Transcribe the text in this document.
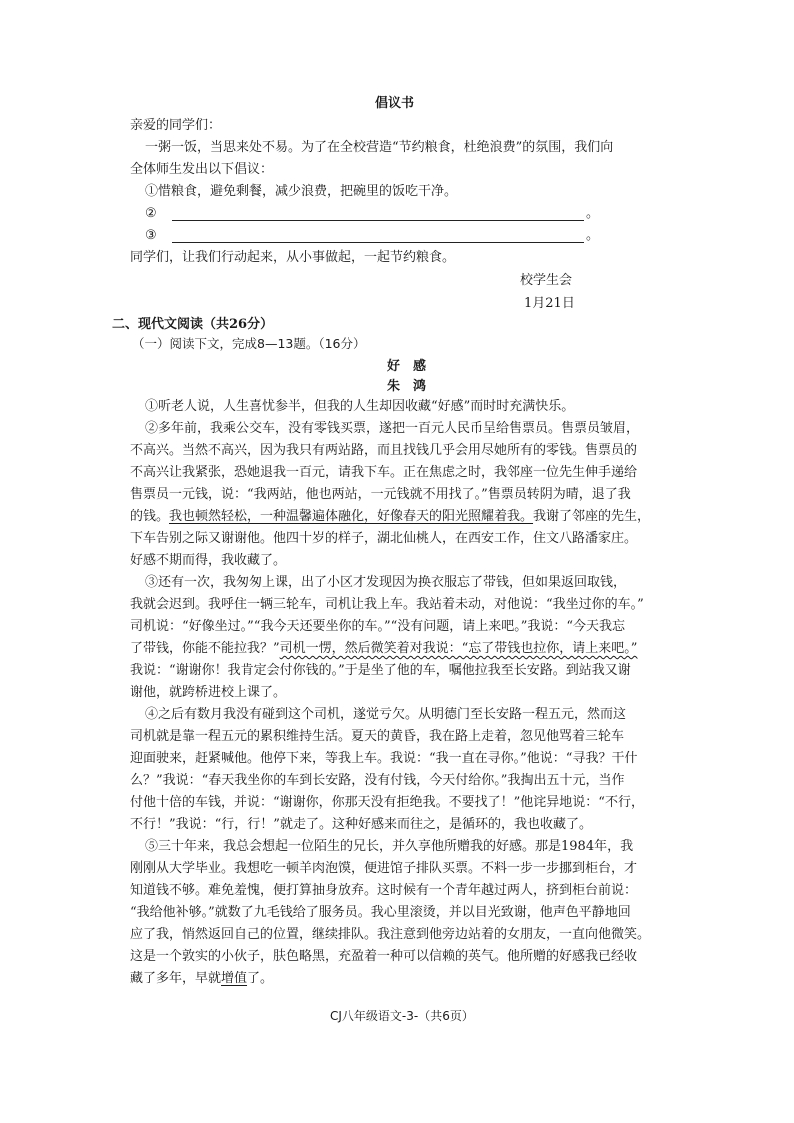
倡议书
亲爱的同学们：
一粥一饭，当思来处不易。为了在全校营造“节约粮食，杜绝浪费”的氛围，我们向
全体师生发出以下倡议：
①惜粮食，避免剩餐，减少浪费，把碗里的饭吃干净。
②	。
③	。
同学们，让我们行动起来，从小事做起，一起节约粮食。
校学生会
1月21日
二、现代文阅读（共26分）
（一）阅读下文，完成8—13题。（16分）
好　感
朱　鸿
①听老人说，人生喜忧参半，但我的人生却因收藏“好感”而时时充满快乐。
②多年前，我乘公交车，没有零钱买票，遂把一百元人民币呈给售票员。售票员皱眉，
不高兴。当然不高兴，因为我只有两站路，而且找钱几乎会用尽她所有的零钱。售票员的
不高兴让我紧张，恐她退我一百元，请我下车。正在焦虑之时，我邻座一位先生伸手递给
售票员一元钱，说：“我两站，他也两站，一元钱就不用找了。”售票员转阴为晴，退了我
的钱。我也顿然轻松，一种温馨遍体融化，好像春天的阳光照耀着我。我谢了邻座的先生，
下车告别之际又谢谢他。他四十岁的样子，湖北仙桃人，在西安工作，住文八路潘家庄。
好感不期而得，我收藏了。
③还有一次，我匆匆上课，出了小区才发现因为换衣服忘了带钱，但如果返回取钱，
我就会迟到。我呼住一辆三轮车，司机让我上车。我站着未动，对他说：“我坐过你的车。”
司机说：“好像坐过。”“我今天还要坐你的车。”“没有问题，请上来吧。”我说：“今天我忘
了带钱，你能不能拉我？”司机一愣，然后微笑着对我说：“忘了带钱也拉你，请上来吧。”
我说：“谢谢你！我肯定会付你钱的。”于是坐了他的车，嘱他拉我至长安路。到站我又谢
谢他，就跨桥进校上课了。
④之后有数月我没有碰到这个司机，遂觉亏欠。从明德门至长安路一程五元，然而这
司机就是靠一程五元的累积维持生活。夏天的黄昏，我在路上走着，忽见他骂着三轮车
迎面驶来，赶紧喊他。他停下来，等我上车。我说：“我一直在寻你。”他说：“寻我？干什
么？”我说：“春天我坐你的车到长安路，没有付钱，今天付给你。”我掏出五十元，当作
付他十倍的车钱，并说：“谢谢你，你那天没有拒绝我。不要找了！”他诧异地说：“不行，
不行！”我说：“行，行！”就走了。这种好感来而往之，是循环的，我也收藏了。
⑤三十年来，我总会想起一位陌生的兄长，并久享他所赠我的好感。那是1984年，我
刚刚从大学毕业。我想吃一顿羊肉泡馍，便进馆子排队买票。不料一步一步挪到柜台，才
知道钱不够。难免羞愧，便打算抽身放弃。这时候有一个青年越过两人，挤到柜台前说：
“我给他补够。”就数了九毛钱给了服务员。我心里滚烫，并以目光致谢，他声色平静地回
应了我，悄然返回自己的位置，继续排队。我注意到他旁边站着的女朋友，一直向他微笑。
这是一个敦实的小伙子，肤色略黑，充盈着一种可以信赖的英气。他所赠的好感我已经收
藏了多年，早就增值了。
CJ八年级语文-3-（共6页）
